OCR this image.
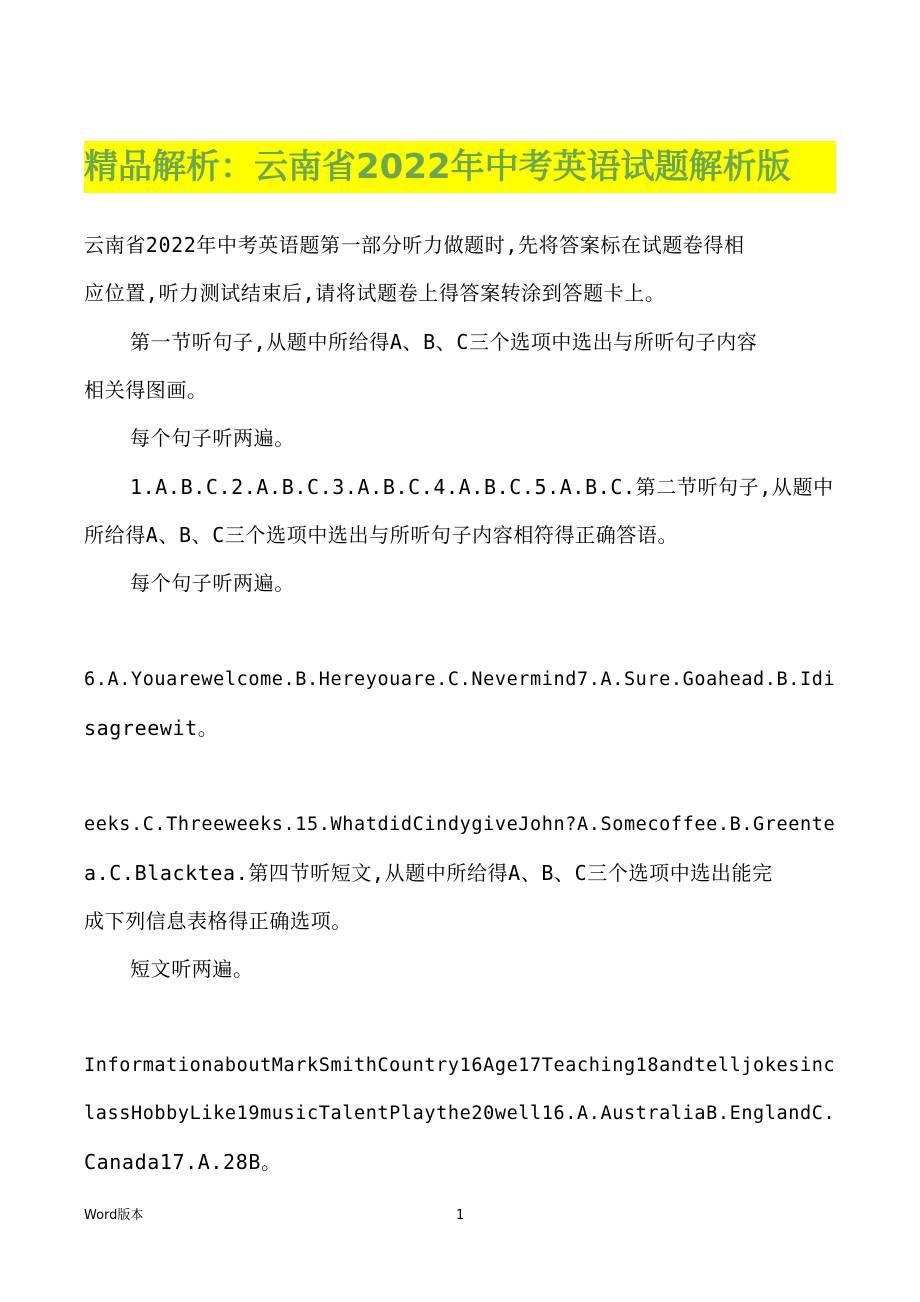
精品解析：云南省2022年中考英语试题解析版
云南省2022年中考英语题第一部分听力做题时,先将答案标在试题卷得相
应位置,听力测试结束后,请将试题卷上得答案转涂到答题卡上。
第一节听句子,从题中所给得A、B、C三个选项中选出与所听句子内容
相关得图画。
每个句子听两遍。
1.A.B.C.2.A.B.C.3.A.B.C.4.A.B.C.5.A.B.C.第二节听句子,从题中
所给得A、B、C三个选项中选出与所听句子内容相符得正确答语。
每个句子听两遍。
6.A.Youarewelcome.B.Hereyouare.C.Nevermind7.A.Sure.Goahead.B.Idi
sagreewit。
eeks.C.Threeweeks.15.WhatdidCindygiveJohn?A.Somecoffee.B.Greente
a.C.Blacktea.第四节听短文,从题中所给得A、B、C三个选项中选出能完
成下列信息表格得正确选项。
短文听两遍。
InformationaboutMarkSmithCountry16Age17Teaching18andtelljokesinc
lassHobbyLike19musicTalentPlaythe20well16.A.AustraliaB.EnglandC.
Canada17.A.28B。
Word版本	1
